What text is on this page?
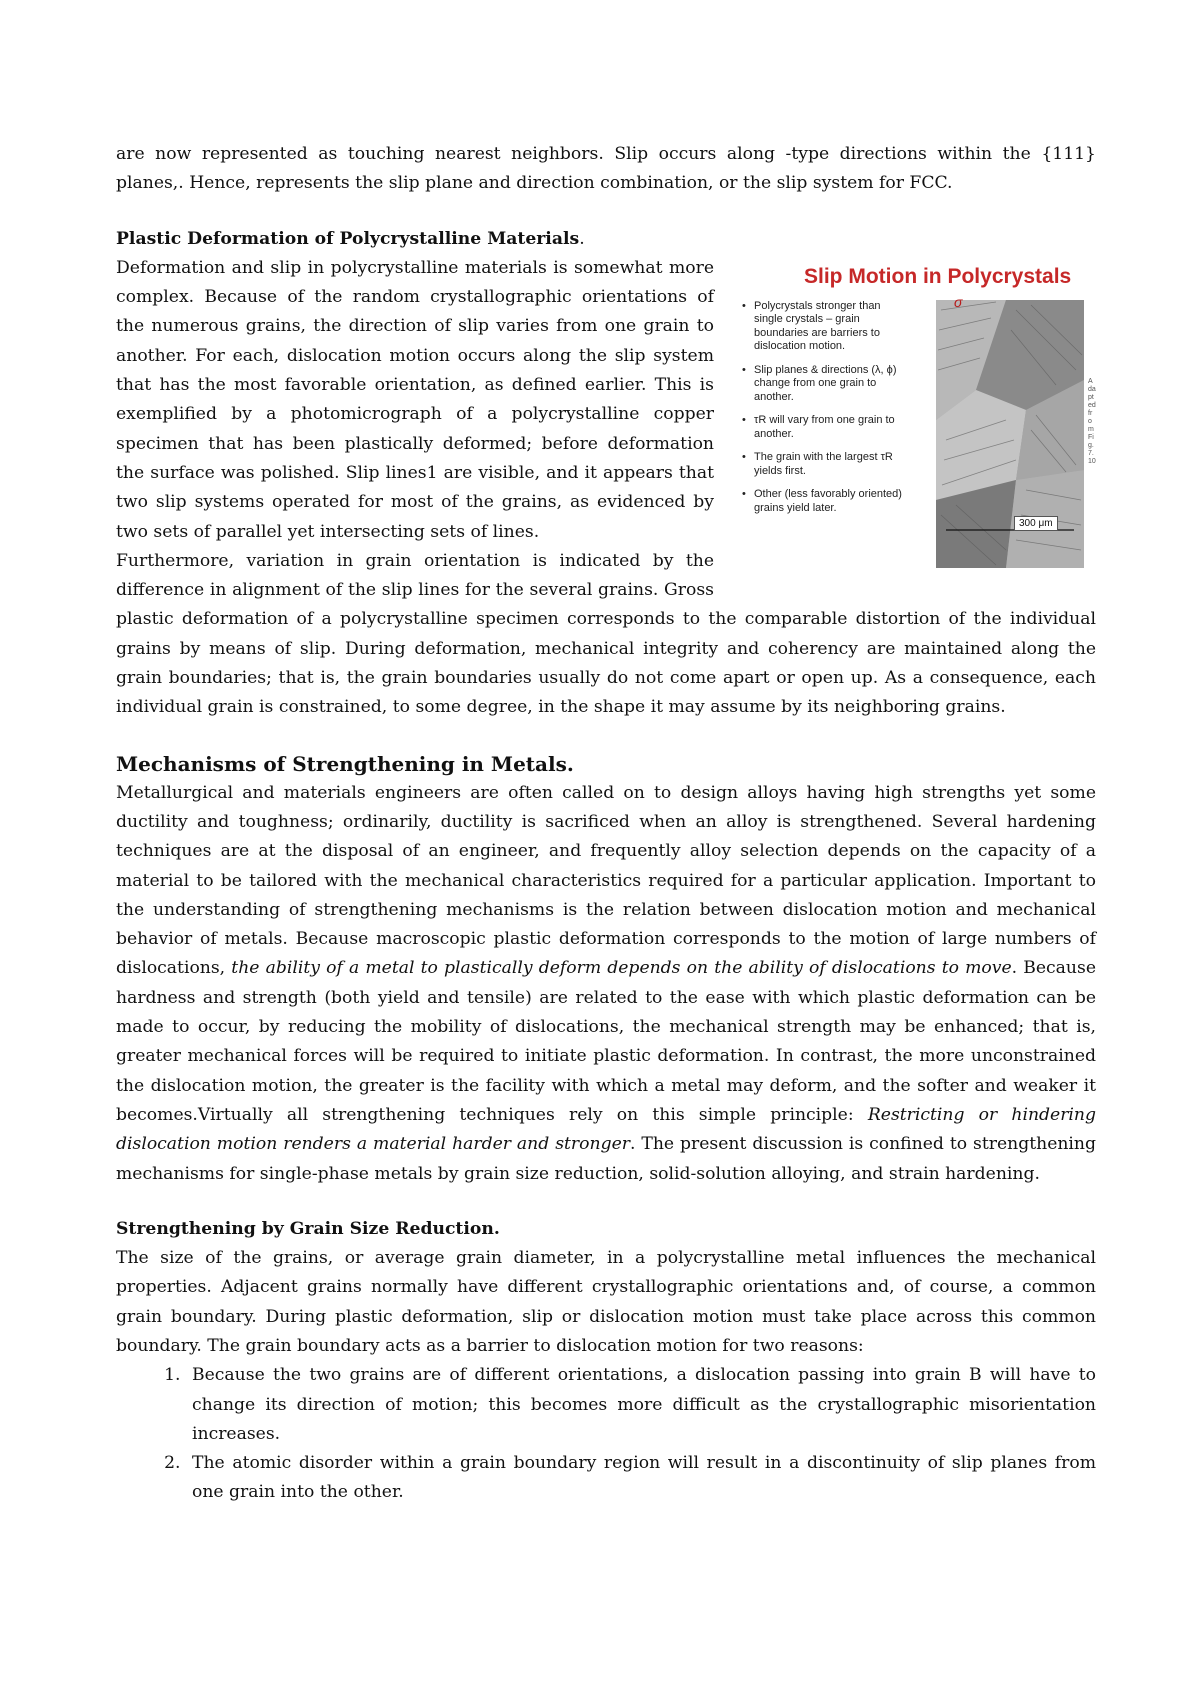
are now represented as touching nearest neighbors. Slip occurs along -type directions within the {111} planes,. Hence, represents the slip plane and direction combination, or the slip system for FCC.

Plastic Deformation of Polycrystalline Materials.

Slip Motion in Polycrystals
• Polycrystals stronger than single crystals – grain boundaries are barriers to dislocation motion.
• Slip planes & directions (λ, ϕ) change from one grain to another.
• τR will vary from one grain to another.
• The grain with the largest τR yields first.
• Other (less favorably oriented) grains yield later.
σ
300 μm
Adapted from Fig. 7.10

Deformation and slip in polycrystalline materials is somewhat more complex. Because of the random crystallographic orientations of the numerous grains, the direction of slip varies from one grain to another. For each, dislocation motion occurs along the slip system that has the most favorable orientation, as defined earlier. This is exemplified by a photomicrograph of a polycrystalline copper specimen that has been plastically deformed; before deformation the surface was polished. Slip lines1 are visible, and it appears that two slip systems operated for most of the grains, as evidenced by two sets of parallel yet intersecting sets of lines.

Furthermore, variation in grain orientation is indicated by the difference in alignment of the slip lines for the several grains. Gross plastic deformation of a polycrystalline specimen corresponds to the comparable distortion of the individual grains by means of slip. During deformation, mechanical integrity and coherency are maintained along the grain boundaries; that is, the grain boundaries usually do not come apart or open up. As a consequence, each individual grain is constrained, to some degree, in the shape it may assume by its neighboring grains.

Mechanisms of Strengthening in Metals.

Metallurgical and materials engineers are often called on to design alloys having high strengths yet some ductility and toughness; ordinarily, ductility is sacrificed when an alloy is strengthened. Several hardening techniques are at the disposal of an engineer, and frequently alloy selection depends on the capacity of a material to be tailored with the mechanical characteristics required for a particular application. Important to the understanding of strengthening mechanisms is the relation between dislocation motion and mechanical behavior of metals. Because macroscopic plastic deformation corresponds to the motion of large numbers of dislocations, the ability of a metal to plastically deform depends on the ability of dislocations to move. Because hardness and strength (both yield and tensile) are related to the ease with which plastic deformation can be made to occur, by reducing the mobility of dislocations, the mechanical strength may be enhanced; that is, greater mechanical forces will be required to initiate plastic deformation. In contrast, the more unconstrained the dislocation motion, the greater is the facility with which a metal may deform, and the softer and weaker it becomes.Virtually all strengthening techniques rely on this simple principle: Restricting or hindering dislocation motion renders a material harder and stronger. The present discussion is confined to strengthening mechanisms for single-phase metals by grain size reduction, solid-solution alloying, and strain hardening.

Strengthening by Grain Size Reduction.

The size of the grains, or average grain diameter, in a polycrystalline metal influences the mechanical properties. Adjacent grains normally have different crystallographic orientations and, of course, a common grain boundary. During plastic deformation, slip or dislocation motion must take place across this common boundary. The grain boundary acts as a barrier to dislocation motion for two reasons:

1. Because the two grains are of different orientations, a dislocation passing into grain B will have to change its direction of motion; this becomes more difficult as the crystallographic misorientation increases.
2. The atomic disorder within a grain boundary region will result in a discontinuity of slip planes from one grain into the other.
